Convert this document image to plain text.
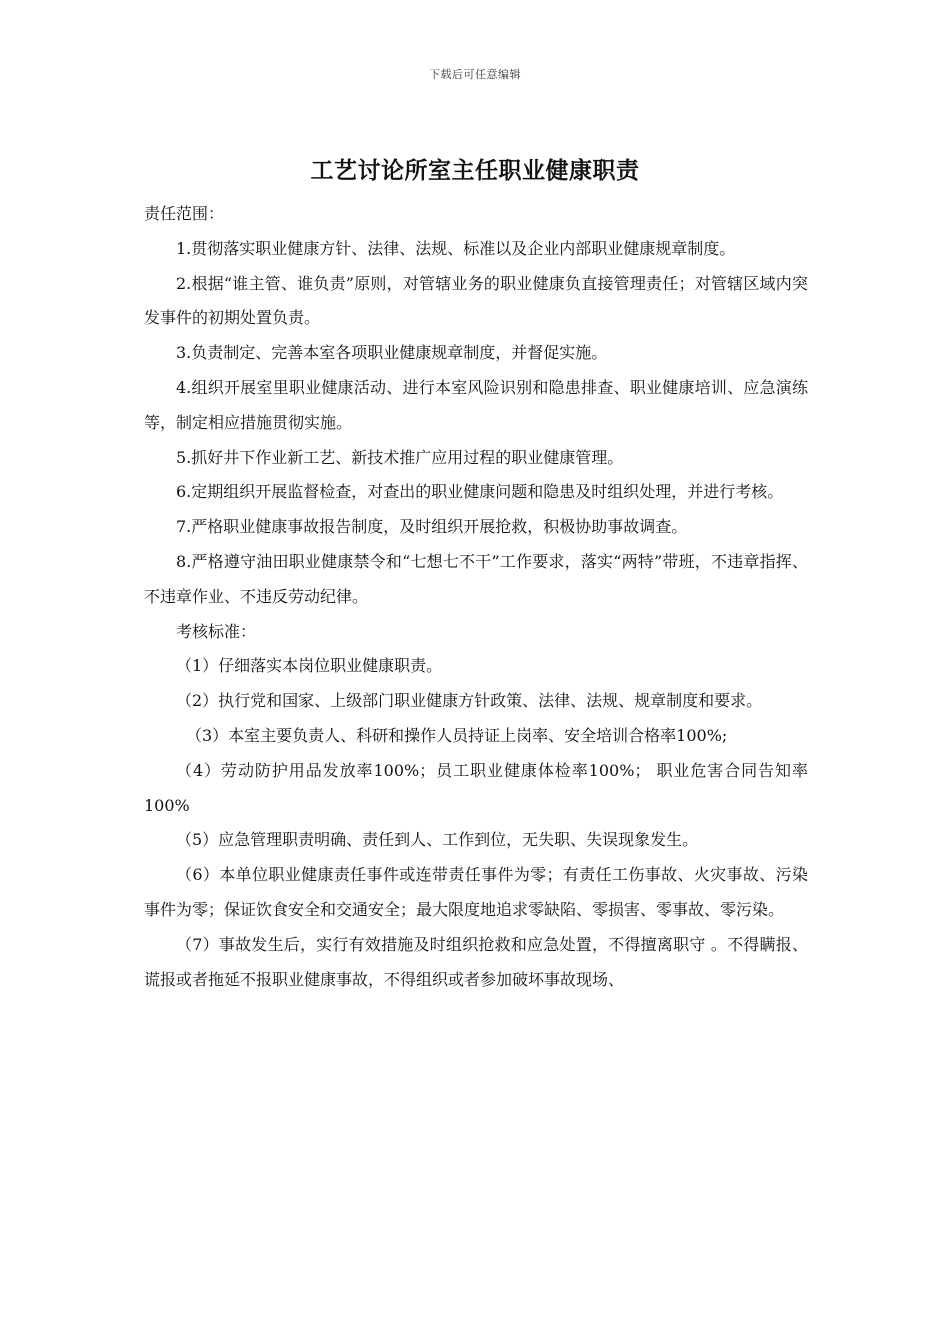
下载后可任意编辑
工艺讨论所室主任职业健康职责

责任范围：

1.贯彻落实职业健康方针、法律、法规、标准以及企业内部职业健康规章制度。

2.根据“谁主管、谁负责”原则，对管辖业务的职业健康负直接管理责任；对管辖区域内突发事件的初期处置负责。

3.负责制定、完善本室各项职业健康规章制度，并督促实施。

4.组织开展室里职业健康活动、进行本室风险识别和隐患排查、职业健康培训、应急演练等，制定相应措施贯彻实施。

5.抓好井下作业新工艺、新技术推广应用过程的职业健康管理。

6.定期组织开展监督检查，对查出的职业健康问题和隐患及时组织处理，并进行考核。

7.严格职业健康事故报告制度，及时组织开展抢救，积极协助事故调查。

8.严格遵守油田职业健康禁令和“七想七不干”工作要求，落实“两特”带班，不违章指挥、不违章作业、不违反劳动纪律。

考核标准：

（1）仔细落实本岗位职业健康职责。

（2）执行党和国家、上级部门职业健康方针政策、法律、法规、规章制度和要求。

（3）本室主要负责人、科研和操作人员持证上岗率、安全培训合格率100%;

（4）劳动防护用品发放率100%；员工职业健康体检率100%； 职业危害合同告知率100%

（5）应急管理职责明确、责任到人、工作到位，无失职、失误现象发生。

（6）本单位职业健康责任事件或连带责任事件为零；有责任工伤事故、火灾事故、污染事件为零；保证饮食安全和交通安全；最大限度地追求零缺陷、零损害、零事故、零污染。

（7）事故发生后，实行有效措施及时组织抢救和应急处置，不得擅离职守 。不得瞒报、谎报或者拖延不报职业健康事故，不得组织或者参加破坏事故现场、
